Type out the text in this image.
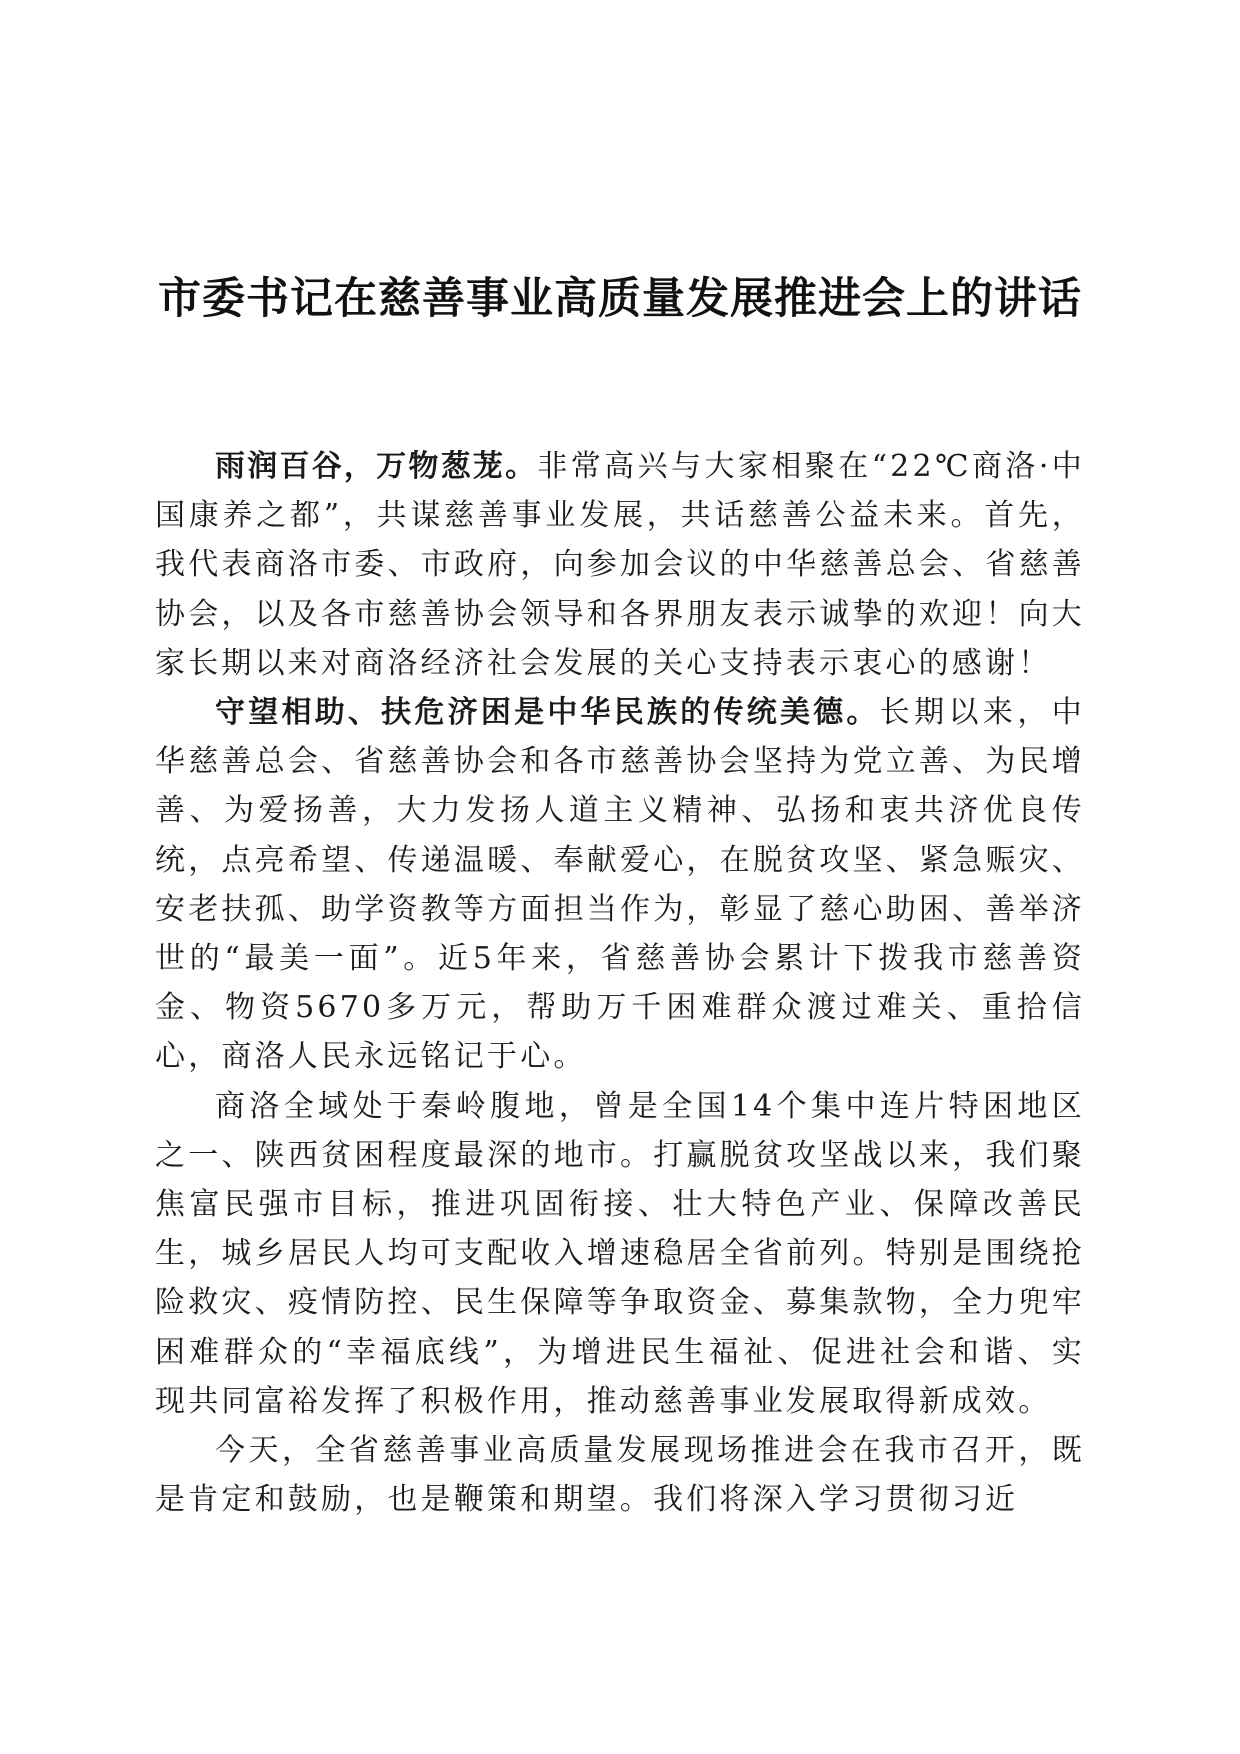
市委书记在慈善事业高质量发展推进会上的讲话

雨润百谷，万物葱茏。非常高兴与大家相聚在“22℃商洛·中国康养之都”，共谋慈善事业发展，共话慈善公益未来。首先，我代表商洛市委、市政府，向参加会议的中华慈善总会、省慈善协会，以及各市慈善协会领导和各界朋友表示诚挚的欢迎！向大家长期以来对商洛经济社会发展的关心支持表示衷心的感谢！

守望相助、扶危济困是中华民族的传统美德。长期以来，中华慈善总会、省慈善协会和各市慈善协会坚持为党立善、为民增善、为爱扬善，大力发扬人道主义精神、弘扬和衷共济优良传统，点亮希望、传递温暖、奉献爱心，在脱贫攻坚、紧急赈灾、安老扶孤、助学资教等方面担当作为，彰显了慈心助困、善举济世的“最美一面”。近5年来，省慈善协会累计下拨我市慈善资金、物资5670多万元，帮助万千困难群众渡过难关、重拾信心，商洛人民永远铭记于心。

商洛全域处于秦岭腹地，曾是全国14个集中连片特困地区之一、陕西贫困程度最深的地市。打赢脱贫攻坚战以来，我们聚焦富民强市目标，推进巩固衔接、壮大特色产业、保障改善民生，城乡居民人均可支配收入增速稳居全省前列。特别是围绕抢险救灾、疫情防控、民生保障等争取资金、募集款物，全力兜牢困难群众的“幸福底线”，为增进民生福祉、促进社会和谐、实现共同富裕发挥了积极作用，推动慈善事业发展取得新成效。

今天，全省慈善事业高质量发展现场推进会在我市召开，既是肯定和鼓励，也是鞭策和期望。我们将深入学习贯彻习近
